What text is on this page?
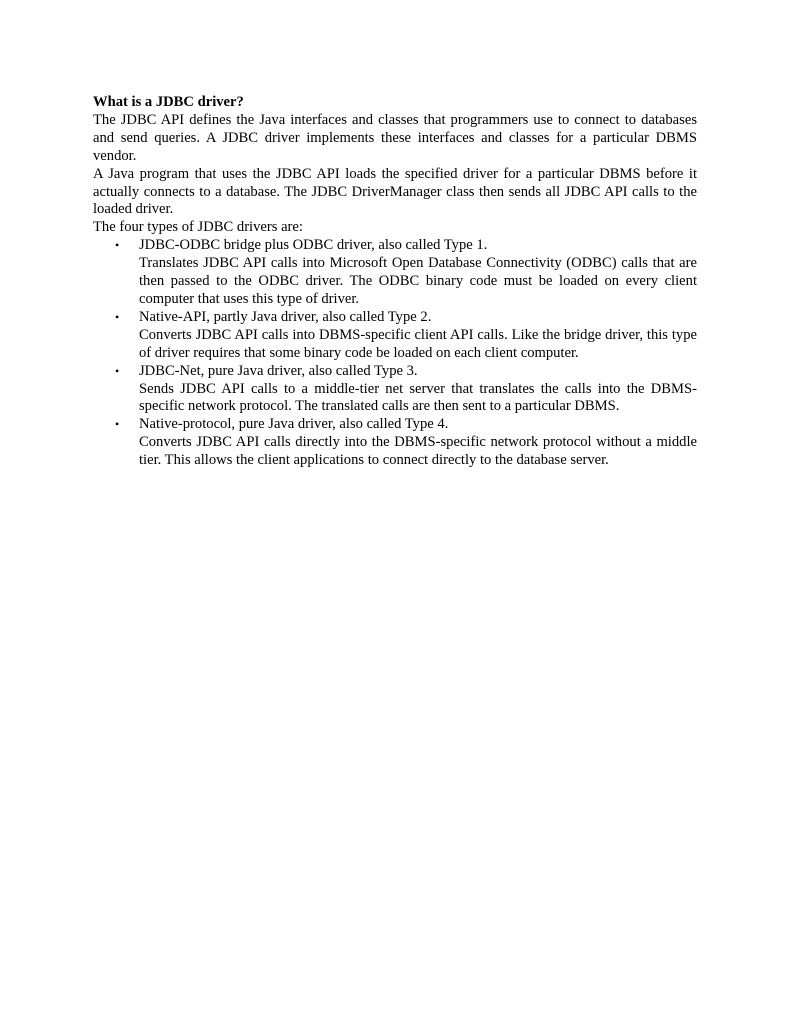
What is a JDBC driver?

The JDBC API defines the Java interfaces and classes that programmers use to connect to databases and send queries. A JDBC driver implements these interfaces and classes for a particular DBMS vendor.

A Java program that uses the JDBC API loads the specified driver for a particular DBMS before it actually connects to a database. The JDBC DriverManager class then sends all JDBC API calls to the loaded driver.

The four types of JDBC drivers are:

• JDBC-ODBC bridge plus ODBC driver, also called Type 1.
Translates JDBC API calls into Microsoft Open Database Connectivity (ODBC) calls that are then passed to the ODBC driver. The ODBC binary code must be loaded on every client computer that uses this type of driver.
• Native-API, partly Java driver, also called Type 2.
Converts JDBC API calls into DBMS-specific client API calls. Like the bridge driver, this type of driver requires that some binary code be loaded on each client computer.
• JDBC-Net, pure Java driver, also called Type 3.
Sends JDBC API calls to a middle-tier net server that translates the calls into the DBMS-specific network protocol. The translated calls are then sent to a particular DBMS.
• Native-protocol, pure Java driver, also called Type 4.
Converts JDBC API calls directly into the DBMS-specific network protocol without a middle tier. This allows the client applications to connect directly to the database server.
